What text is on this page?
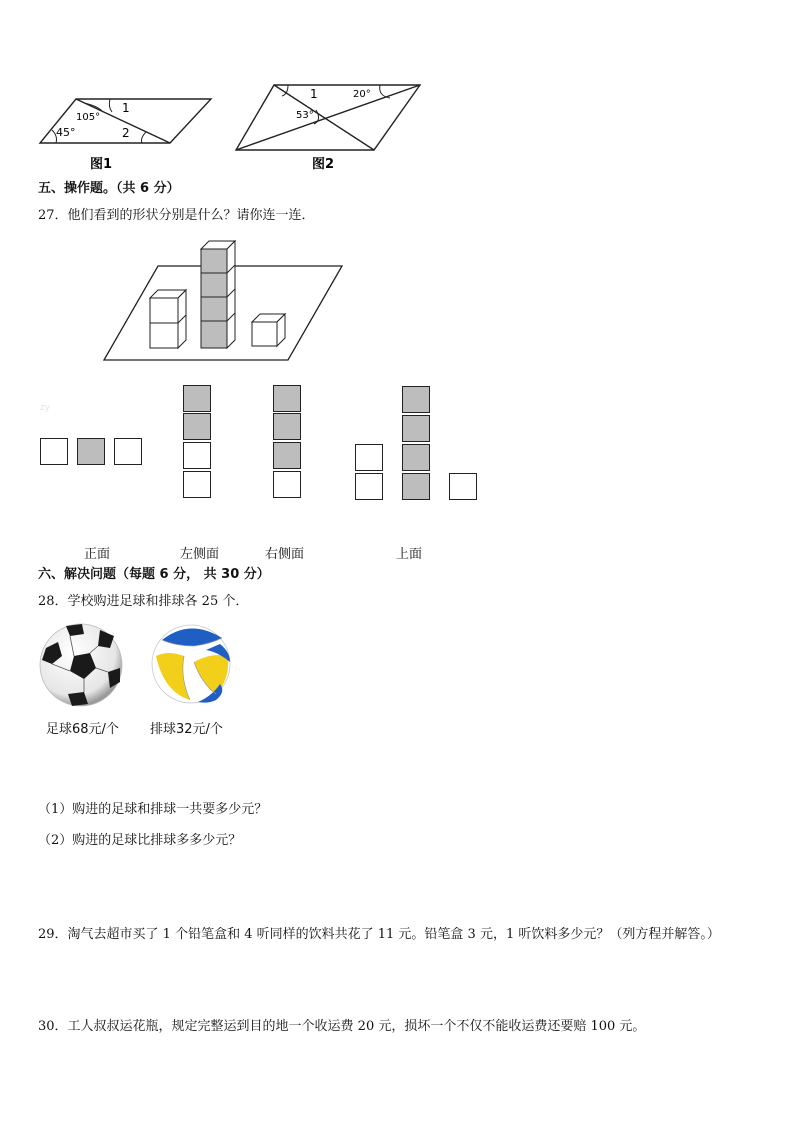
105°
45°
1
2
图1
1	20°
53°
图2
五、操作题。（共 6 分）
27．他们看到的形状分别是什么？请你连一连．
zy
正面	左侧面	右侧面	上面
六、解决问题（每题 6 分， 共 30 分）
28．学校购进足球和排球各 25 个．
足球68元/个 排球32元/个
（1）购进的足球和排球一共要多少元？
（2）购进的足球比排球多多少元？
29．淘气去超市买了 1 个铅笔盒和 4 听同样的饮料共花了 11 元。铅笔盒 3 元，1 听饮料多少元？（列方程并解答。）
30．工人叔叔运花瓶，规定完整运到目的地一个收运费 20 元，损坏一个不仅不能收运费还要赔 100 元。
